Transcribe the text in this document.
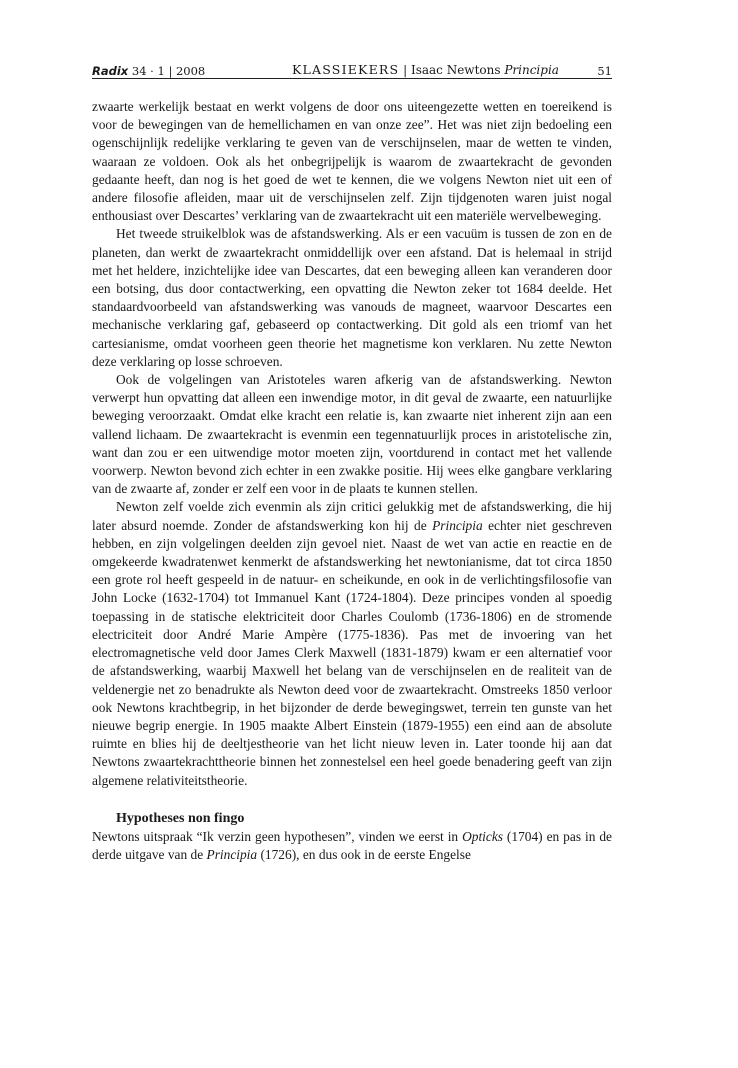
Radix 34 · 1 | 2008	KLASSIEKERS | Isaac Newtons Principia	51

zwaarte werkelijk bestaat en werkt volgens de door ons uiteengezette wetten en toereikend is voor de bewegingen van de hemellichamen en van onze zee”. Het was niet zijn bedoeling een ogenschijnlijk redelijke verklaring te geven van de verschijnselen, maar de wetten te vinden, waaraan ze voldoen. Ook als het onbegrijpelijk is waarom de zwaartekracht de gevonden gedaante heeft, dan nog is het goed de wet te kennen, die we volgens Newton niet uit een of andere filosofie afleiden, maar uit de verschijnselen zelf. Zijn tijdgenoten waren juist nogal enthousiast over Descartes’ verklaring van de zwaartekracht uit een materiële wervelbeweging.

Het tweede struikelblok was de afstandswerking. Als er een vacuüm is tussen de zon en de planeten, dan werkt de zwaartekracht onmiddellijk over een afstand. Dat is helemaal in strijd met het heldere, inzichtelijke idee van Descartes, dat een beweging alleen kan veranderen door een botsing, dus door contactwerking, een opvatting die Newton zeker tot 1684 deelde. Het standaardvoorbeeld van afstandswerking was vanouds de magneet, waarvoor Descartes een mechanische verklaring gaf, gebaseerd op contactwerking. Dit gold als een triomf van het cartesianisme, omdat voorheen geen theorie het magnetisme kon verklaren. Nu zette Newton deze verklaring op losse schroeven.

Ook de volgelingen van Aristoteles waren afkerig van de afstandswerking. Newton verwerpt hun opvatting dat alleen een inwendige motor, in dit geval de zwaarte, een natuurlijke beweging veroorzaakt. Omdat elke kracht een relatie is, kan zwaarte niet inherent zijn aan een vallend lichaam. De zwaartekracht is evenmin een tegennatuurlijk proces in aristotelische zin, want dan zou er een uitwendige motor moeten zijn, voortdurend in contact met het vallende voorwerp. Newton bevond zich echter in een zwakke positie. Hij wees elke gangbare verklaring van de zwaarte af, zonder er zelf een voor in de plaats te kunnen stellen.

Newton zelf voelde zich evenmin als zijn critici gelukkig met de afstandswerking, die hij later absurd noemde. Zonder de afstandswerking kon hij de Principia echter niet geschreven hebben, en zijn volgelingen deelden zijn gevoel niet. Naast de wet van actie en reactie en de omgekeerde kwadratenwet kenmerkt de afstandswerking het newtonianisme, dat tot circa 1850 een grote rol heeft gespeeld in de natuur- en scheikunde, en ook in de verlichtingsfilosofie van John Locke (1632-1704) tot Immanuel Kant (1724-1804). Deze principes vonden al spoedig toepassing in de statische elektriciteit door Charles Coulomb (1736-1806) en de stromende electriciteit door André Marie Ampère (1775-1836). Pas met de invoering van het electromagnetische veld door James Clerk Maxwell (1831-1879) kwam er een alternatief voor de afstandswerking, waarbij Maxwell het belang van de verschijnselen en de realiteit van de veldenergie net zo benadrukte als Newton deed voor de zwaartekracht. Omstreeks 1850 verloor ook Newtons krachtbegrip, in het bijzonder de derde bewegingswet, terrein ten gunste van het nieuwe begrip energie. In 1905 maakte Albert Einstein (1879-1955) een eind aan de absolute ruimte en blies hij de deeltjestheorie van het licht nieuw leven in. Later toonde hij aan dat Newtons zwaartekrachttheorie binnen het zonnestelsel een heel goede benadering geeft van zijn algemene relativiteitstheorie.

Hypotheses non fingo

Newtons uitspraak “Ik verzin geen hypothesen”, vinden we eerst in Opticks (1704) en pas in de derde uitgave van de Principia (1726), en dus ook in de eerste Engelse
